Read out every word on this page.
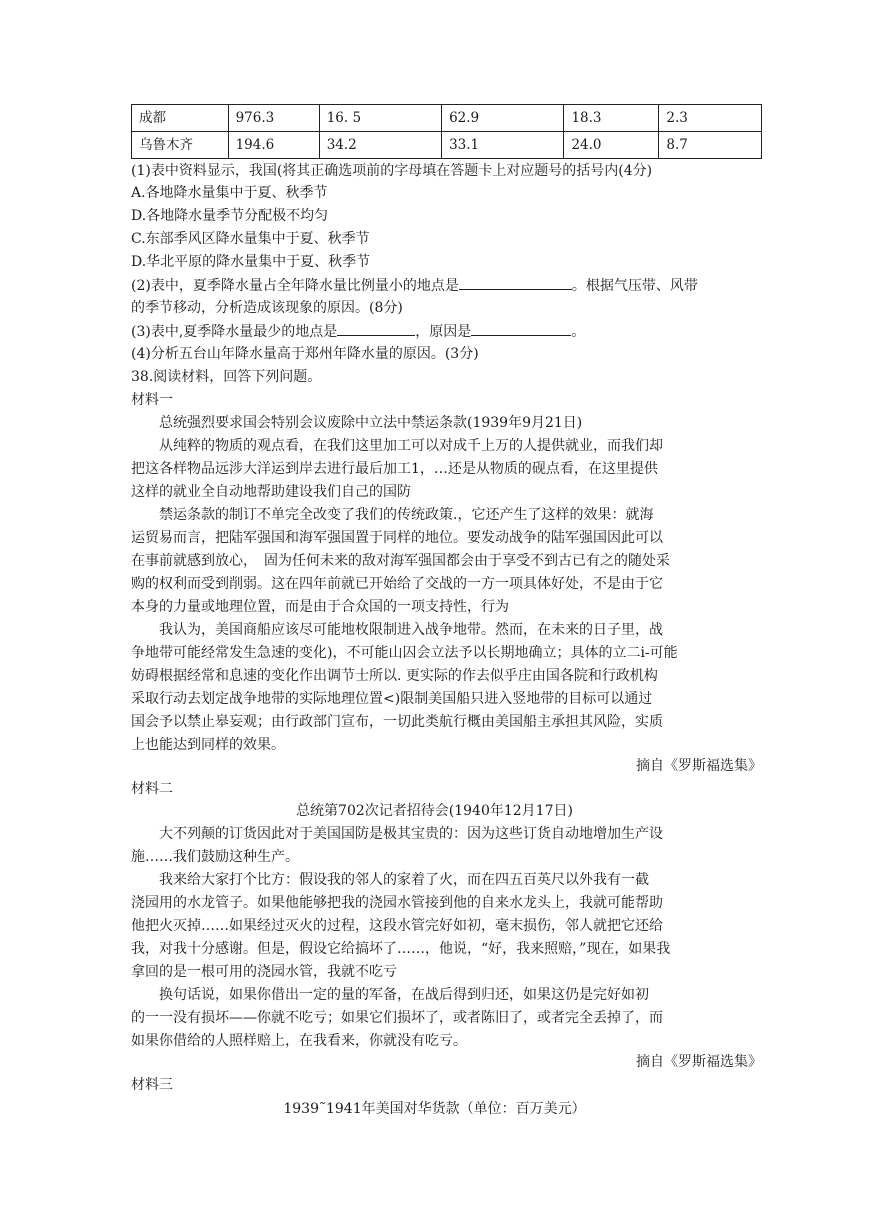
成都	976.3	16. 5	62.9	18.3	2.3
乌鲁木齐	194.6	34.2	33.1	24.0	8.7
(1)表中资料显示，我国(将其正确选项前的字母填在答题卡上对应题号的括号内(4分)
A.各地降水量集中于夏、秋季节
D.各地降水量季节分配极不均匀
C.东部季风区降水量集中于夏、秋季节
D.华北平原的降水量集中于夏、秋季节
(2)表中，夏季降水量占全年降水量比例量小的地点是	。根据气压带、风带
的季节移动，分析造成该现象的原因。(8分)
(3)表中,夏季降水量最少的地点是	，原因是	。
(4)分析五台山年降水量高于郑州年降水量的原因。(3分)
38.阅读材料，回答下列问题。
材料一
总统强烈要求国会特别会议废除中立法中禁运条款(1939年9月21日)
从纯粹的物质的观点看，在我们这里加工可以对成千上万的人提供就业，而我们却
把这各样物品远涉大洋运到岸去进行最后加工1，…还是从物质的砚点看，在这里提供
这样的就业全自动地帮助建设我们自己的国防
禁运条款的制订不单完全改变了我们的传统政策.，它还产生了这样的效果：就海
运贸易而言，把陆军强国和海军强国置于同样的地位。要发动战争的陆军强国因此可以
在事前就感到放心，　固为任何未来的敌对海军强国都会由于享受不到古已有之的随处采
购的权利而受到削弱。这在四年前就已开始给了交战的一方一项具体好处，不是由于它
本身的力量或地理位置，而是由于合众国的一项支持性，行为
我认为，美国商船应该尽可能地枚限制进入战争地带。然而，在未来的日子里，战
争地带可能经常发生急速的变化)，不可能山囚会立法予以长期地确立；具体的立二i-可能
妨碍根据经常和息速的变化作出调节士所以. 更实际的作去似乎庄由国各院和行政机构
采取行动去划定战争地带的实际地理位置<)限制美国船只进入竖地带的目标可以通过
国会予以禁止皋妄观；由行政部门宣布，一切此类航行概由美国船主承担其风险，实质
上也能达到同样的效果。
摘自《罗斯福选集》
材料二
总统第702次记者招待会(1940年12月17日)
大不列颠的订货因此对于美国国防是极其宝贵的：因为这些订货自动地增加生产设
施……我们鼓励这种生产。
我来给大家打个比方：假设我的邻人的家着了火，而在四五百英尺以外我有一截
浇园用的水龙管子。如果他能够把我的浇园水管接到他的自来水龙头上，我就可能帮助
他把火灭掉……如果经过灭火的过程，这段水管完好如初，毫末损伤，邻人就把它还给
我，对我十分感谢。但是，假设它给搞坏了……，他说，“好，我来照赔，”现在，如果我
拿回的是一根可用的浇园水管，我就不吃亏
换句话说，如果你借出一定的量的军备，在战后得到归还，如果这仍是完好如初
的一一没有损坏——你就不吃亏；如果它们损坏了，或者陈旧了，或者完全丢掉了，而
如果你借给的人照样赔上，在我看来，你就没有吃亏。
摘自《罗斯福选集》
材料三
1939˜1941年美国对华货款（单位：百万美元）
